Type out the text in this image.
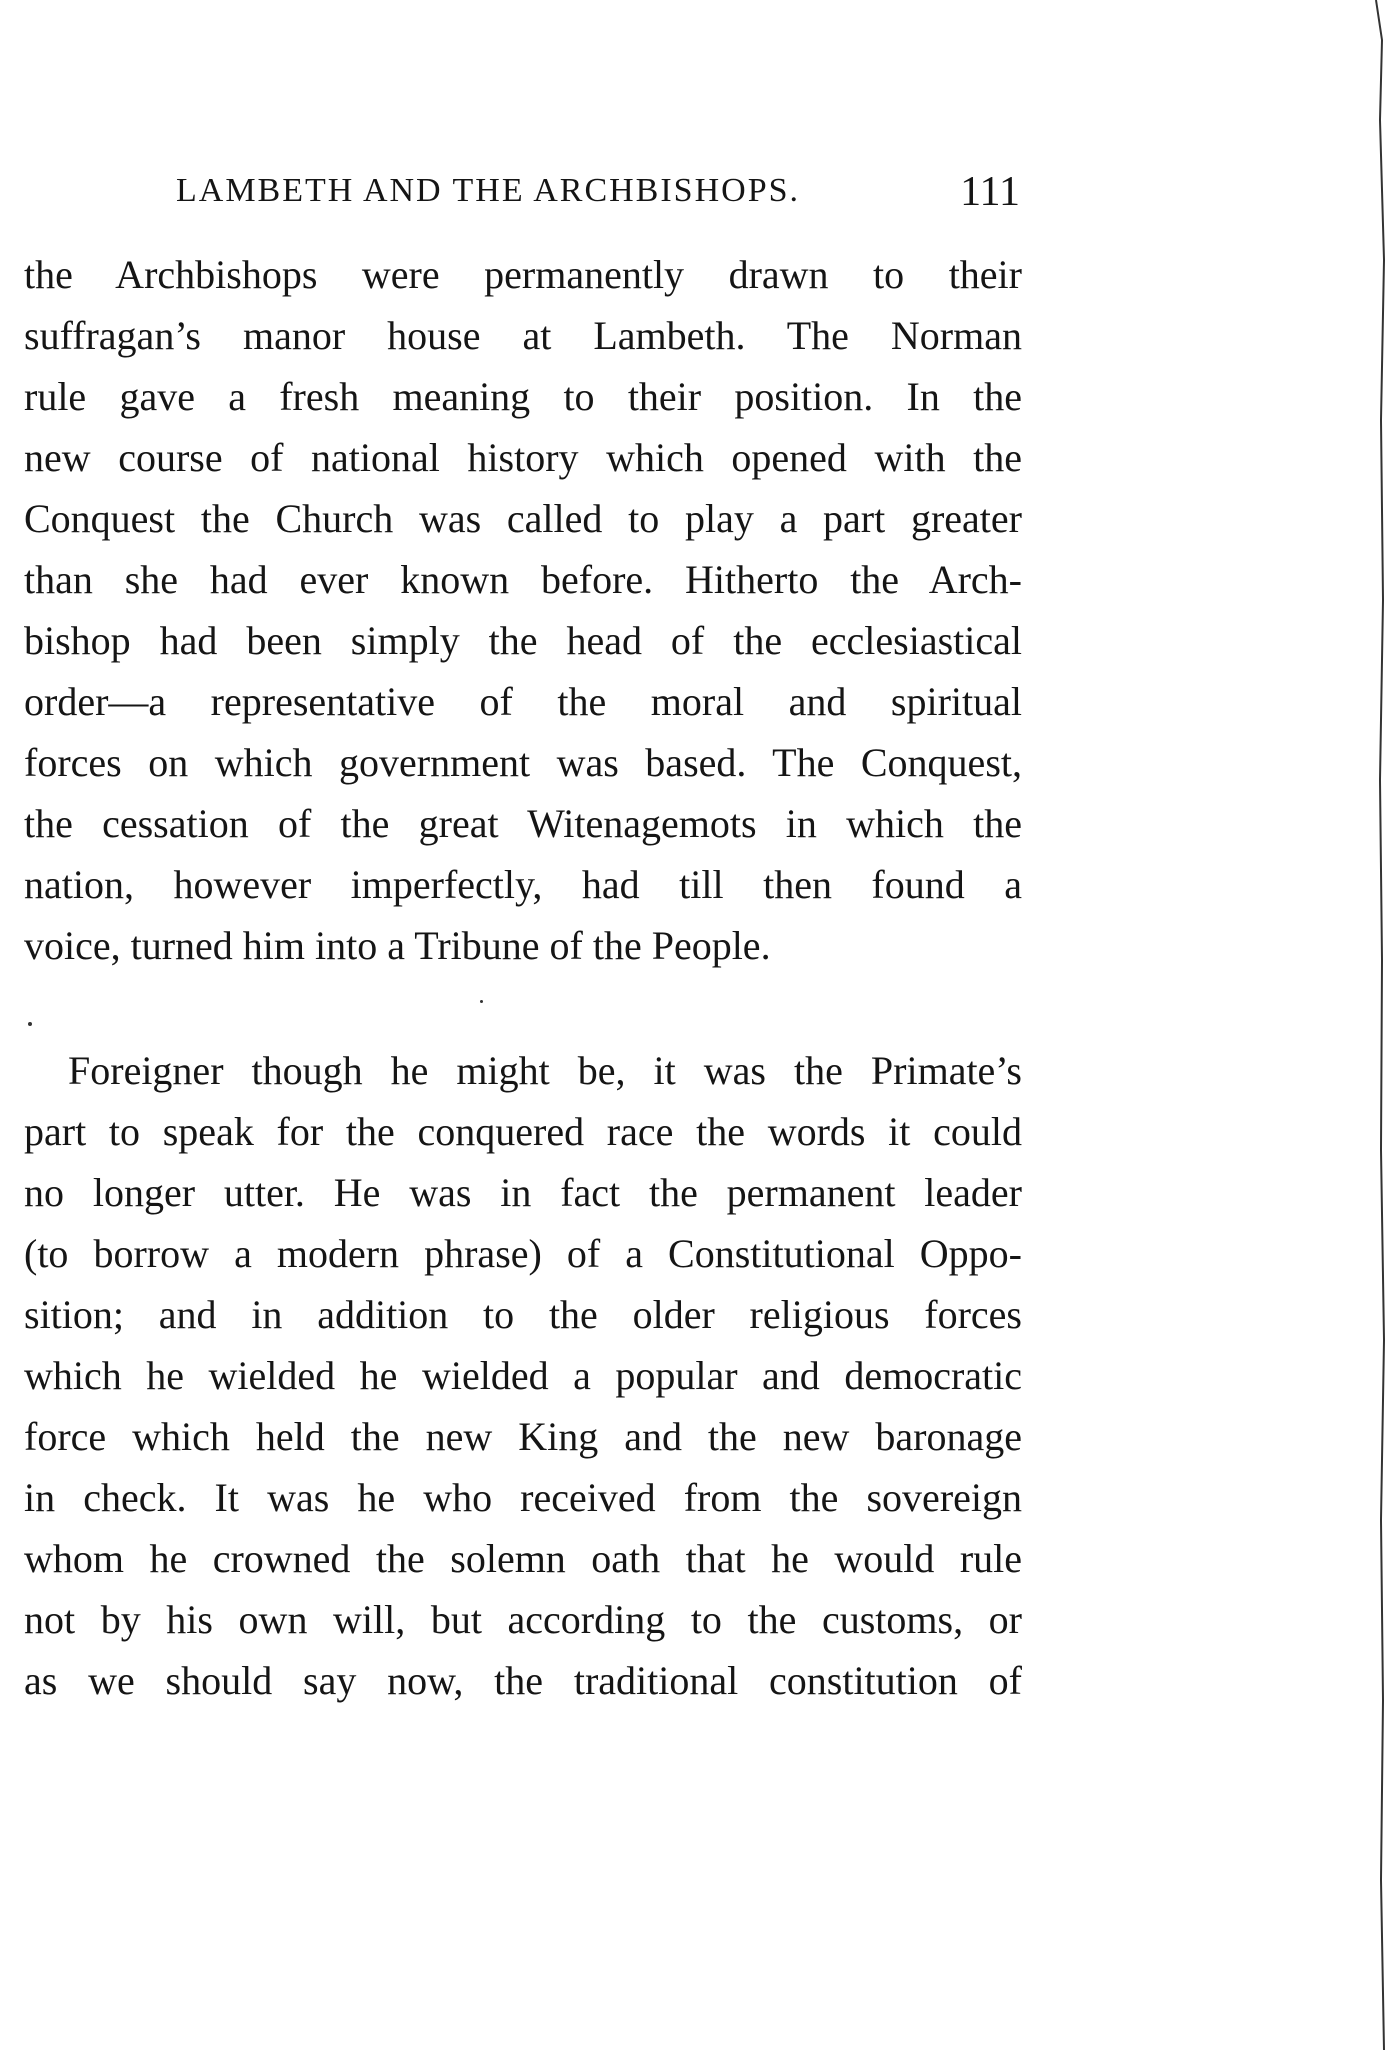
LAMBETH AND THE ARCHBISHOPS.	111
the Archbishops were permanently drawn to their
suffragan’s manor house at Lambeth. The Norman
rule gave a fresh meaning to their position. In the
new course of national history which opened with the
Conquest the Church was called to play a part greater
than she had ever known before. Hitherto the Arch-
bishop had been simply the head of the ecclesiastical
order—a representative of the moral and spiritual
forces on which government was based. The Conquest,
the cessation of the great Witenagemots in which the
nation, however imperfectly, had till then found a
voice, turned him into a Tribune of the People.
Foreigner though he might be, it was the Primate’s
part to speak for the conquered race the words it could
no longer utter. He was in fact the permanent leader
(to borrow a modern phrase) of a Constitutional Oppo-
sition; and in addition to the older religious forces
which he wielded he wielded a popular and democratic
force which held the new King and the new baronage
in check. It was he who received from the sovereign
whom he crowned the solemn oath that he would rule
not by his own will, but according to the customs, or
as we should say now, the traditional constitution of
